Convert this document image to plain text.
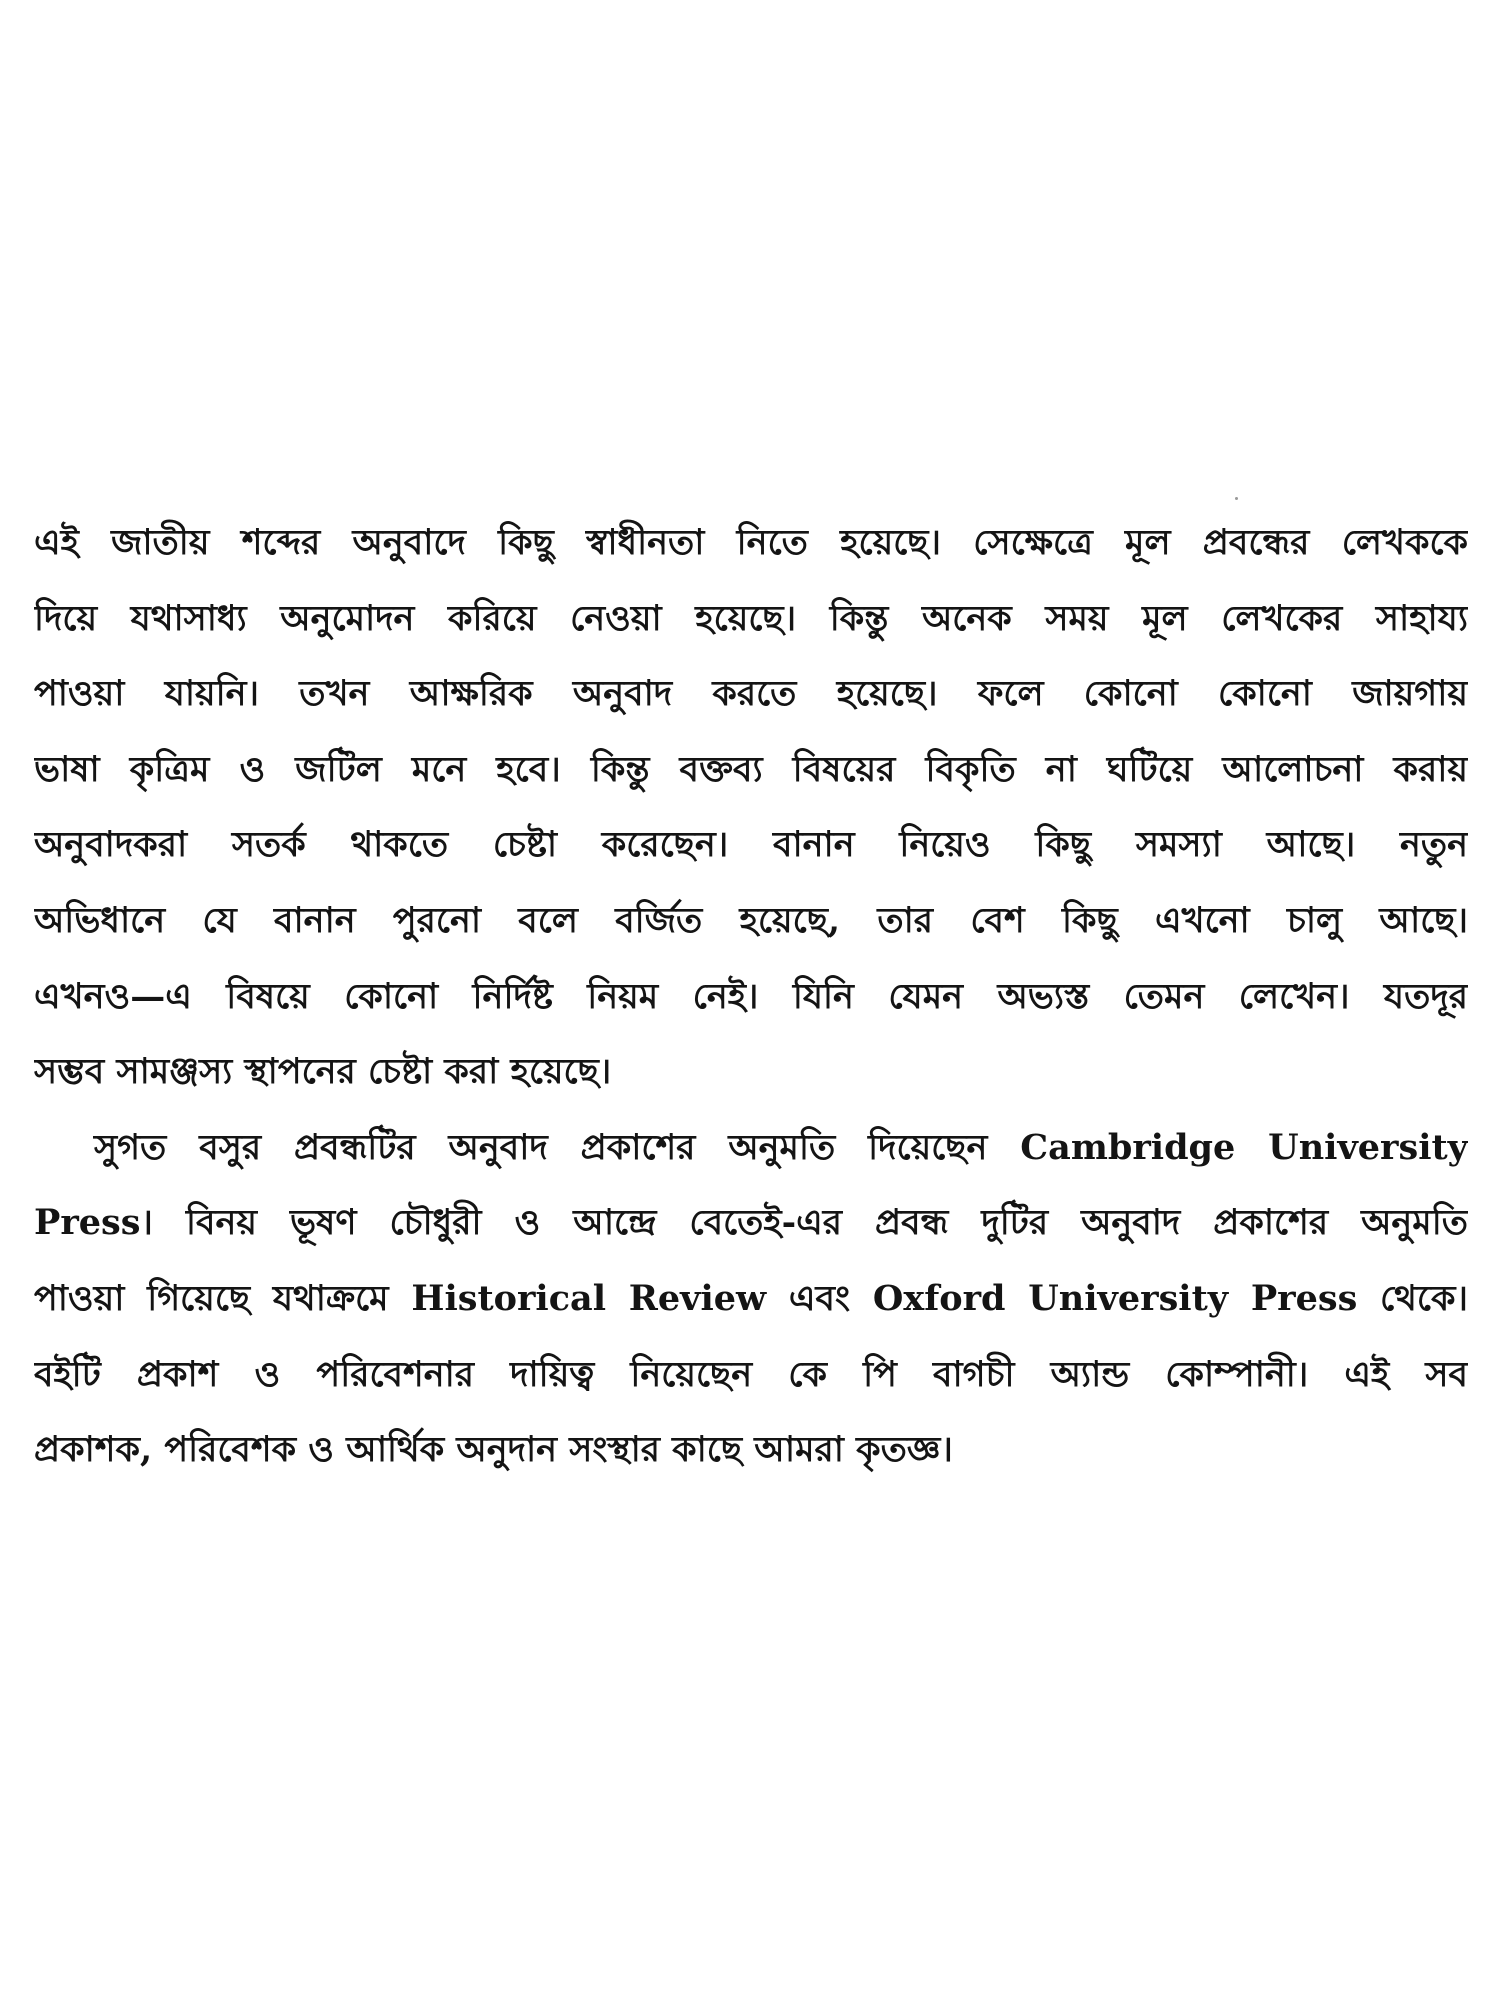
এই জাতীয় শব্দের অনুবাদে কিছু স্বাধীনতা নিতে হয়েছে। সেক্ষেত্রে মূল প্রবন্ধের লেখককে
দিয়ে যথাসাধ্য অনুমোদন করিয়ে নেওয়া হয়েছে। কিন্তু অনেক সময় মূল লেখকের সাহায্য
পাওয়া যায়নি। তখন আক্ষরিক অনুবাদ করতে হয়েছে। ফলে কোনো কোনো জায়গায়
ভাষা কৃত্রিম ও জটিল মনে হবে। কিন্তু বক্তব্য বিষয়ের বিকৃতি না ঘটিয়ে আলোচনা করায়
অনুবাদকরা সতর্ক থাকতে চেষ্টা করেছেন। বানান নিয়েও কিছু সমস্যা আছে। নতুন
অভিধানে যে বানান পুরনো বলে বর্জিত হয়েছে, তার বেশ কিছু এখনো চালু আছে।
এখনও—এ বিষয়ে কোনো নির্দিষ্ট নিয়ম নেই। যিনি যেমন অভ্যস্ত তেমন লেখেন। যতদূর
সম্ভব সামঞ্জস্য স্থাপনের চেষ্টা করা হয়েছে।
সুগত বসুর প্রবন্ধটির অনুবাদ প্রকাশের অনুমতি দিয়েছেন Cambridge University
Press। বিনয় ভূষণ চৌধুরী ও আন্দ্রে বেতেই-এর প্রবন্ধ দুটির অনুবাদ প্রকাশের অনুমতি
পাওয়া গিয়েছে যথাক্রমে Historical Review এবং Oxford University Press থেকে।
বইটি প্রকাশ ও পরিবেশনার দায়িত্ব নিয়েছেন কে পি বাগচী অ্যান্ড কোম্পানী। এই সব
প্রকাশক, পরিবেশক ও আর্থিক অনুদান সংস্থার কাছে আমরা কৃতজ্ঞ।
